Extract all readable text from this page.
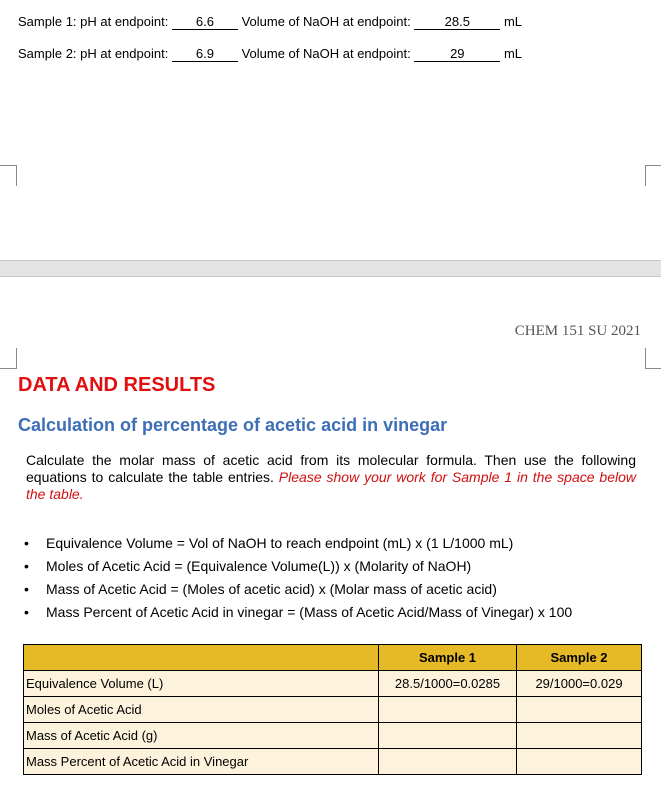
Sample 1: pH at endpoint: 6.6 Volume of NaOH at endpoint:	28.5	mL
Sample 2: pH at endpoint: 6.9 Volume of NaOH at endpoint:	29	mL
CHEM 151 SU 2021
DATA AND RESULTS
Calculation of percentage of acetic acid in vinegar
Calculate the molar mass of acetic acid from its molecular formula. Then use the following equations to calculate the table entries. Please show your work for Sample 1 in the space below the table.
• Equivalence Volume = Vol of NaOH to reach endpoint (mL) x (1 L/1000 mL)
• Moles of Acetic Acid = (Equivalence Volume(L)) x (Molarity of NaOH)
• Mass of Acetic Acid = (Moles of acetic acid) x (Molar mass of acetic acid)
• Mass Percent of Acetic Acid in vinegar = (Mass of Acetic Acid/Mass of Vinegar) x 100
	Sample 1	Sample 2
Equivalence Volume (L)	28.5/1000=0.0285	29/1000=0.029
Moles of Acetic Acid		
Mass of Acetic Acid (g)		
Mass Percent of Acetic Acid in Vinegar		
